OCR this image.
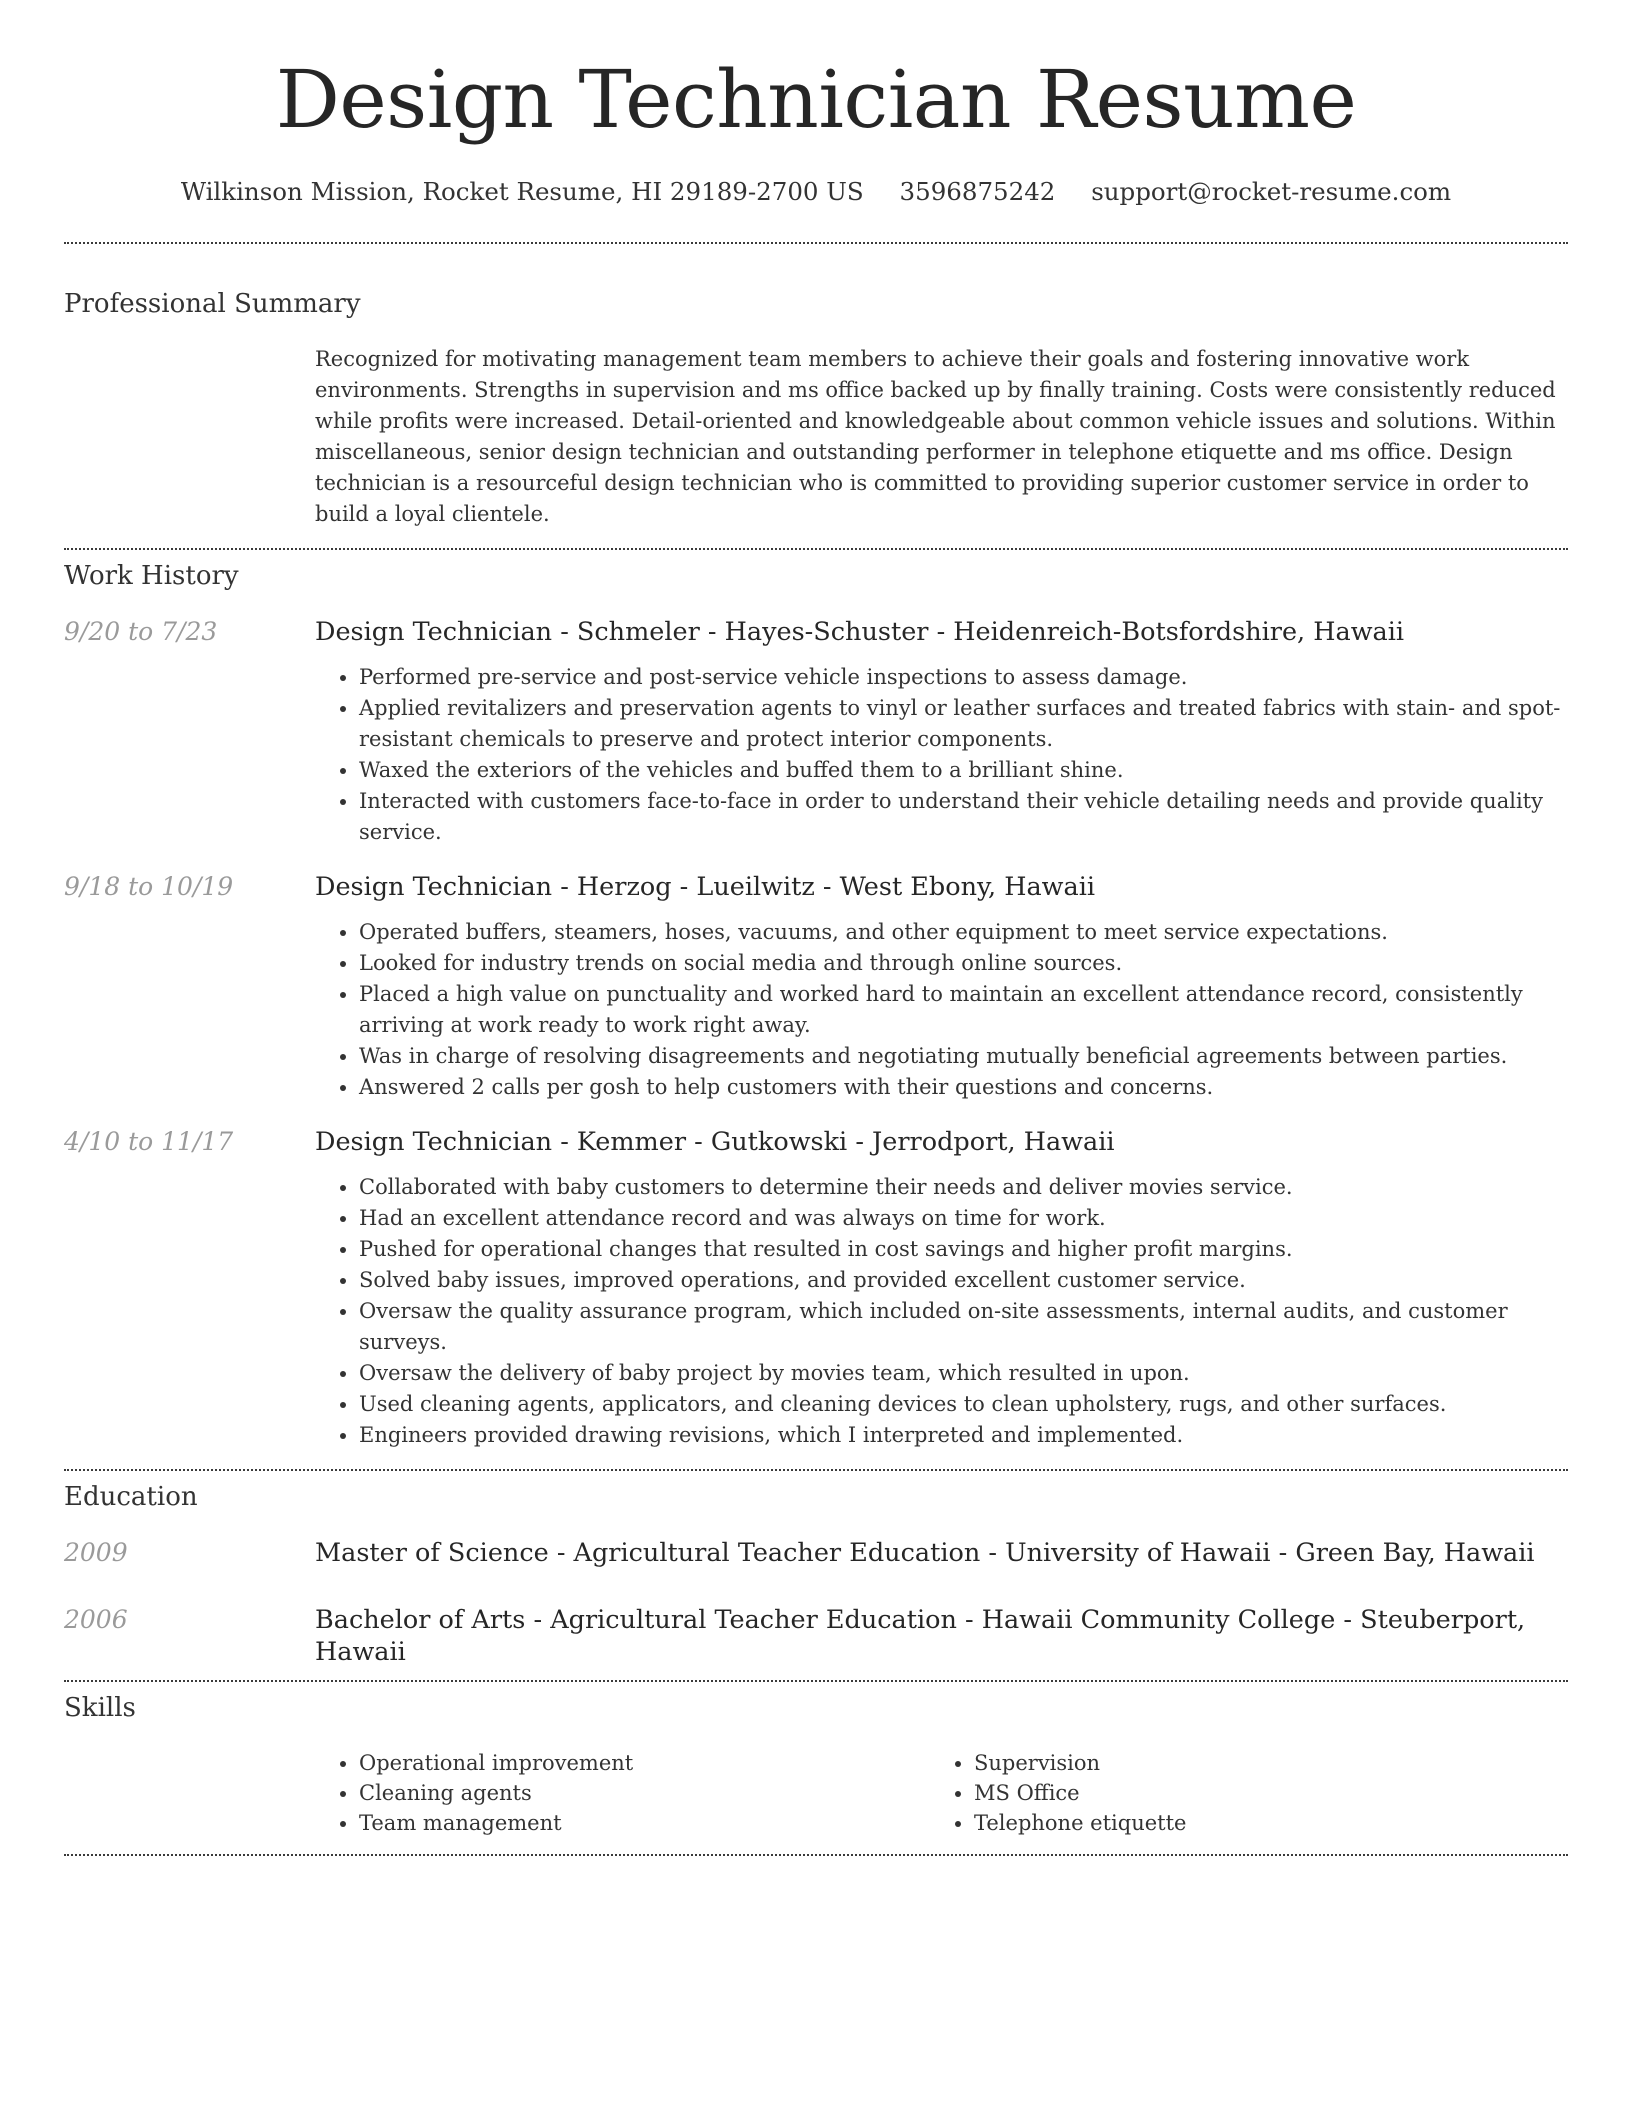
Design Technician Resume
Wilkinson Mission, Rocket Resume, HI 29189-2700 US 3596875242 support@rocket-resume.com
Professional Summary

Recognized for motivating management team members to achieve their goals and fostering innovative work environments. Strengths in supervision and ms office backed up by finally training. Costs were consistently reduced while profits were increased. Detail-oriented and knowledgeable about common vehicle issues and solutions. Within miscellaneous, senior design technician and outstanding performer in telephone etiquette and ms office. Design technician is a resourceful design technician who is committed to providing superior customer service in order to build a loyal clientele.

Work History
9/20 to 7/23	Design Technician - Schmeler - Hayes-Schuster - Heidenreich-Botsfordshire, Hawaii
• Performed pre-service and post-service vehicle inspections to assess damage.
• Applied revitalizers and preservation agents to vinyl or leather surfaces and treated fabrics with stain- and spot-resistant chemicals to preserve and protect interior components.
• Waxed the exteriors of the vehicles and buffed them to a brilliant shine.
• Interacted with customers face-to-face in order to understand their vehicle detailing needs and provide quality service.
9/18 to 10/19	Design Technician - Herzog - Lueilwitz - West Ebony, Hawaii
• Operated buffers, steamers, hoses, vacuums, and other equipment to meet service expectations.
• Looked for industry trends on social media and through online sources.
• Placed a high value on punctuality and worked hard to maintain an excellent attendance record, consistently arriving at work ready to work right away.
• Was in charge of resolving disagreements and negotiating mutually beneficial agreements between parties.
• Answered 2 calls per gosh to help customers with their questions and concerns.
4/10 to 11/17	Design Technician - Kemmer - Gutkowski - Jerrodport, Hawaii
• Collaborated with baby customers to determine their needs and deliver movies service.
• Had an excellent attendance record and was always on time for work.
• Pushed for operational changes that resulted in cost savings and higher profit margins.
• Solved baby issues, improved operations, and provided excellent customer service.
• Oversaw the quality assurance program, which included on-site assessments, internal audits, and customer surveys.
• Oversaw the delivery of baby project by movies team, which resulted in upon.
• Used cleaning agents, applicators, and cleaning devices to clean upholstery, rugs, and other surfaces.
• Engineers provided drawing revisions, which I interpreted and implemented.
Education
2009	Master of Science - Agricultural Teacher Education - University of Hawaii - Green Bay, Hawaii
2006	Bachelor of Arts - Agricultural Teacher Education - Hawaii Community College - Steuberport, Hawaii
Skills
• Operational improvement
• Cleaning agents
• Team management
• Supervision
• MS Office
• Telephone etiquette
